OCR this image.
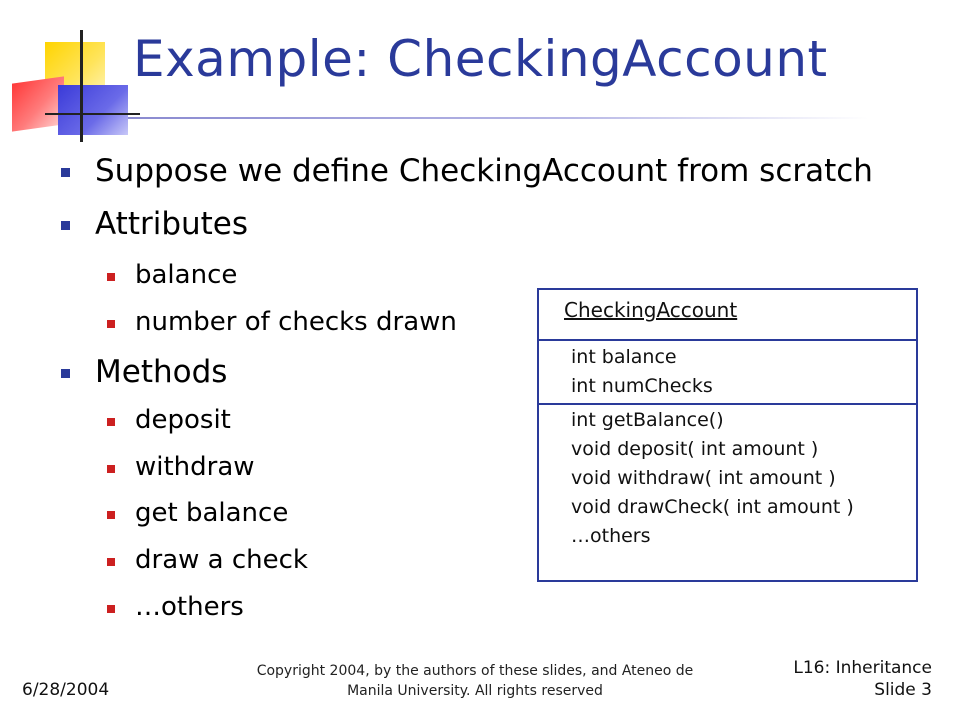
Example: CheckingAccount
Suppose we define CheckingAccount from scratch
Attributes
balance
number of checks drawn
Methods
deposit
withdraw
get balance
draw a check
…others
CheckingAccount
int balance
int numChecks
int getBalance()
void deposit( int amount )
void withdraw( int amount )
void drawCheck( int amount )
…others
6/28/2004
Copyright 2004, by the authors of these slides, and Ateneo de
Manila University. All rights reserved
L16: Inheritance
Slide 3
